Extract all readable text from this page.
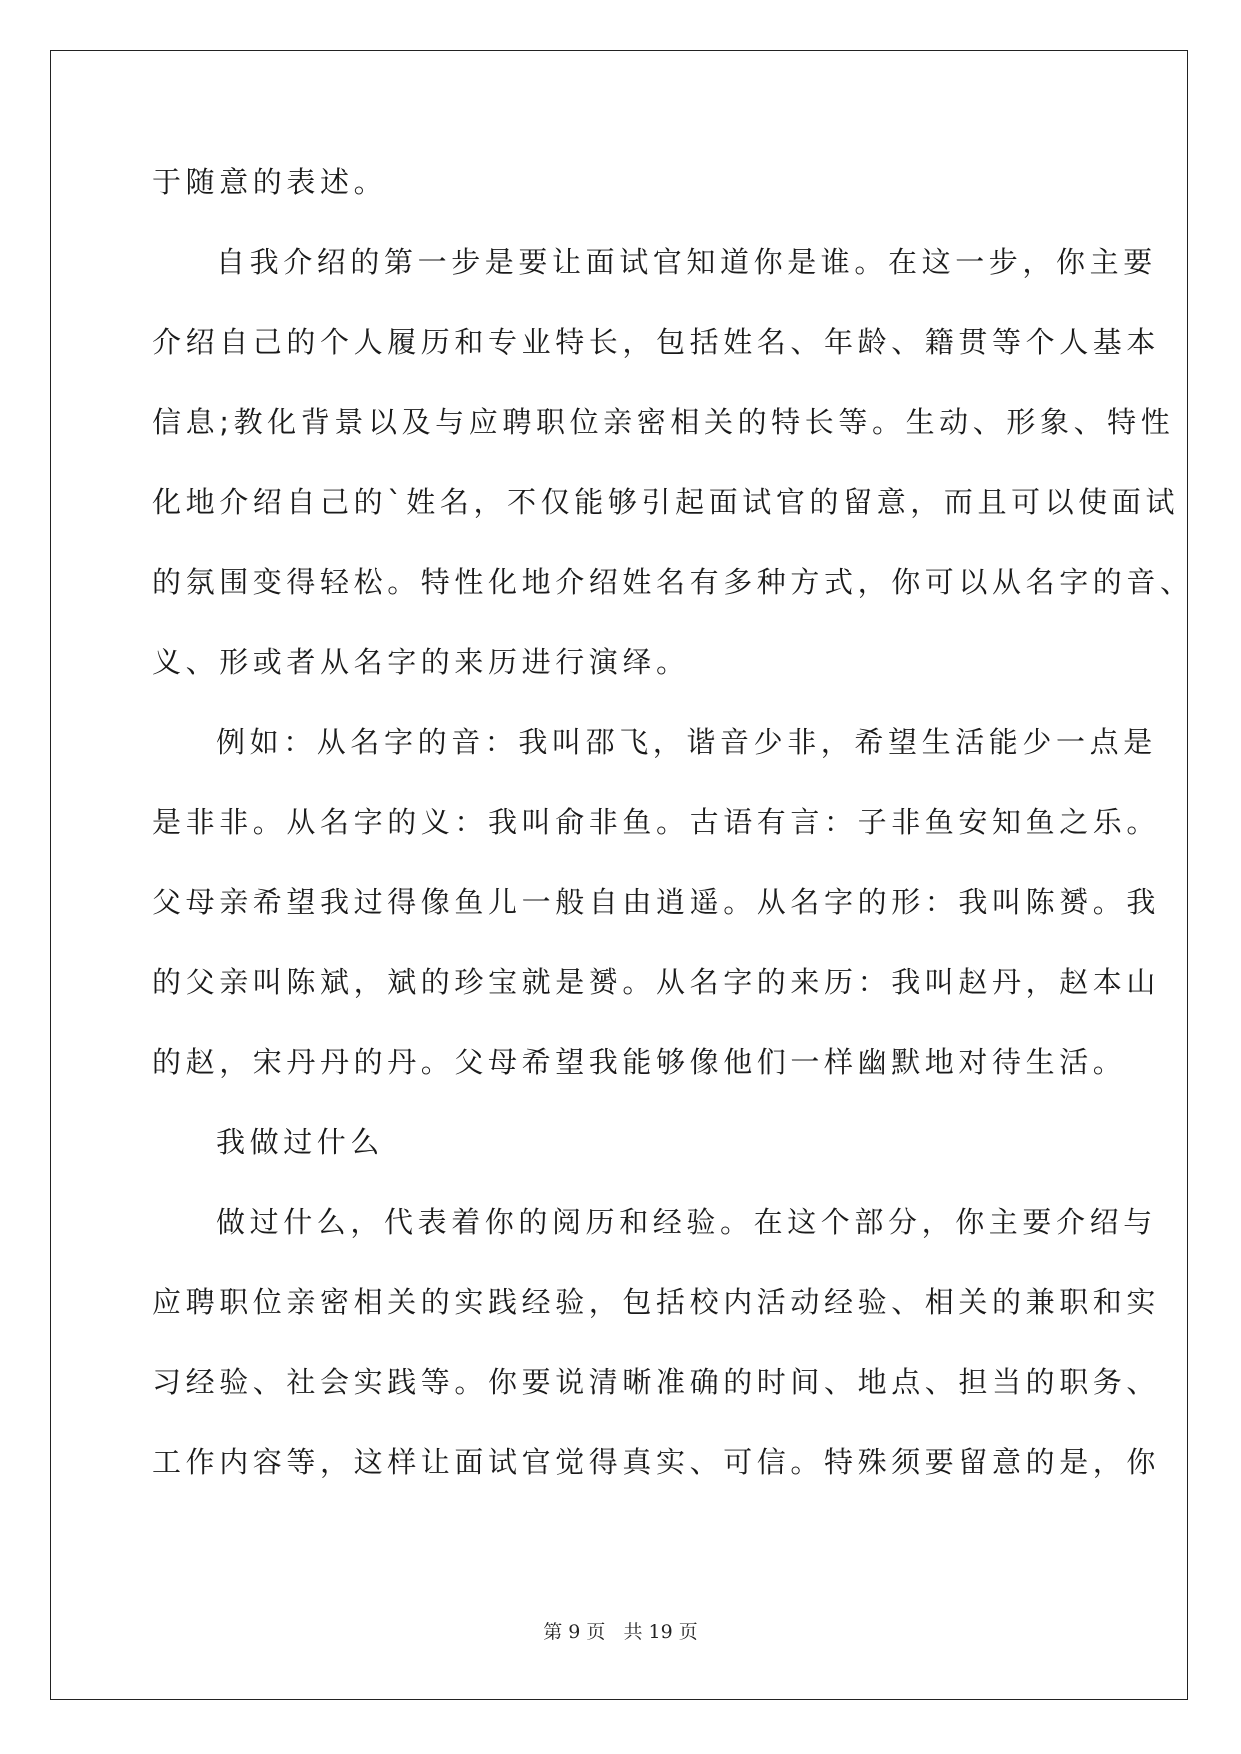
于随意的表述。
自我介绍的第一步是要让面试官知道你是谁。在这一步，你主要
介绍自己的个人履历和专业特长，包括姓名、年龄、籍贯等个人基本
信息;教化背景以及与应聘职位亲密相关的特长等。生动、形象、特性
化地介绍自己的`姓名，不仅能够引起面试官的留意，而且可以使面试
的氛围变得轻松。特性化地介绍姓名有多种方式，你可以从名字的音、
义、形或者从名字的来历进行演绎。
例如：从名字的音：我叫邵飞，谐音少非，希望生活能少一点是
是非非。从名字的义：我叫俞非鱼。古语有言：子非鱼安知鱼之乐。
父母亲希望我过得像鱼儿一般自由逍遥。从名字的形：我叫陈赟。我
的父亲叫陈斌，斌的珍宝就是赟。从名字的来历：我叫赵丹，赵本山
的赵，宋丹丹的丹。父母希望我能够像他们一样幽默地对待生活。
我做过什么
做过什么，代表着你的阅历和经验。在这个部分，你主要介绍与
应聘职位亲密相关的实践经验，包括校内活动经验、相关的兼职和实
习经验、社会实践等。你要说清晰准确的时间、地点、担当的职务、
工作内容等，这样让面试官觉得真实、可信。特殊须要留意的是，你
第 9 页 共 19 页
